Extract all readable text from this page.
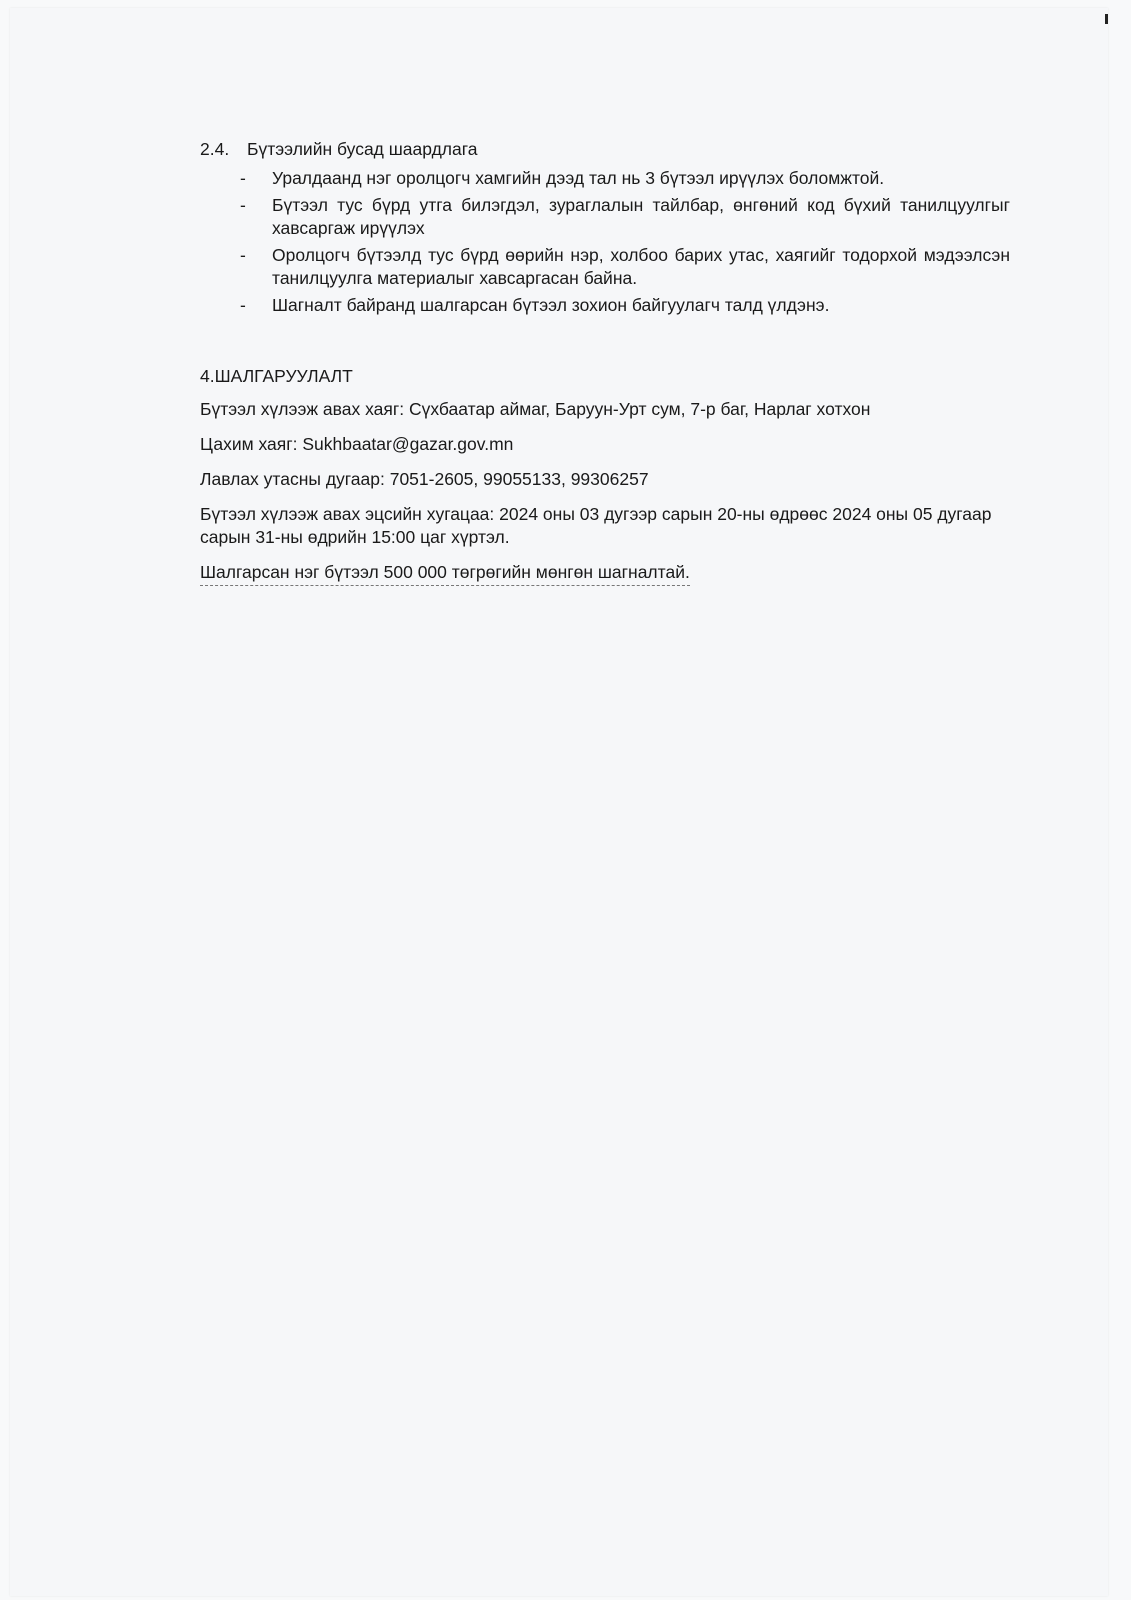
2.4.	Бүтээлийн бусад шаардлага
-	Уралдаанд нэг оролцогч хамгийн дээд тал нь 3 бүтээл ирүүлэх боломжтой.
-	Бүтээл тус бүрд утга билэгдэл, зураглалын тайлбар, өнгөний код бүхий танилцуулгыг хавсаргаж ирүүлэх
-	Оролцогч бүтээлд тус бүрд өөрийн нэр, холбоо барих утас, хаягийг тодорхой мэдээлсэн танилцуулга материалыг хавсаргасан байна.
-	Шагналт байранд шалгарсан бүтээл зохион байгуулагч талд үлдэнэ.

4.ШАЛГАРУУЛАЛТ

Бүтээл хүлээж авах хаяг: Сүхбаатар аймаг, Баруун-Урт сум, 7-р баг, Нарлаг хотхон

Цахим хаяг: Sukhbaatar@gazar.gov.mn

Лавлах утасны дугаар: 7051-2605, 99055133, 99306257

Бүтээл хүлээж авах эцсийн хугацаа: 2024 оны 03 дугээр сарын 20-ны өдрөөс 2024 оны 05 дугаар сарын 31-ны өдрийн 15:00 цаг хүртэл.

Шалгарсан нэг бүтээл 500 000 төгрөгийн мөнгөн шагналтай.
